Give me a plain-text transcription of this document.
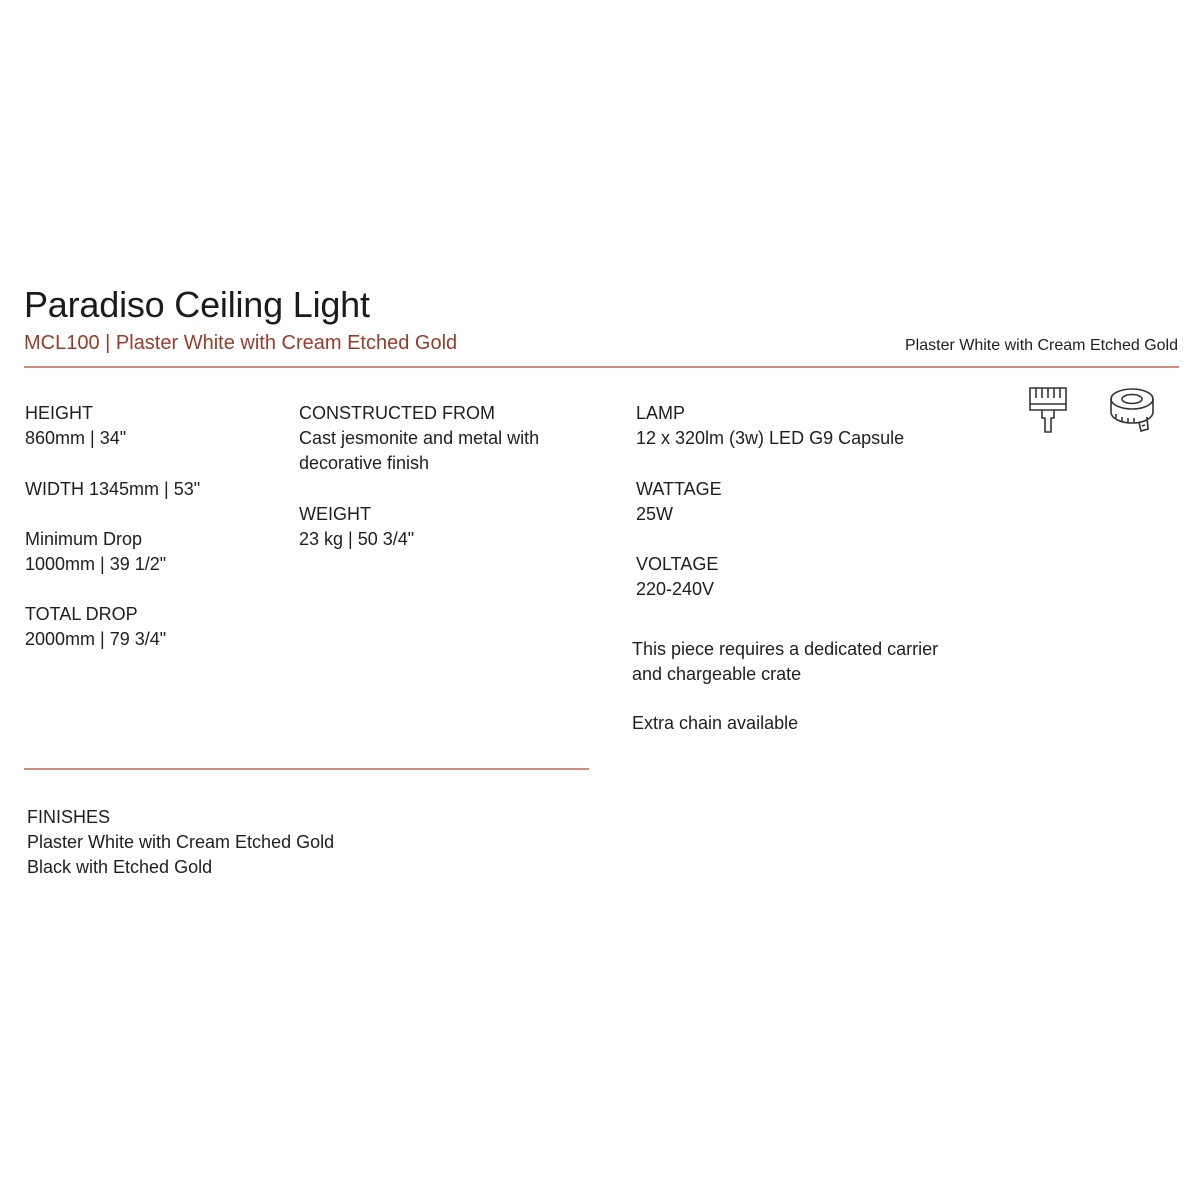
Paradiso Ceiling Light
MCL100 | Plaster White with Cream Etched Gold	Plaster White with Cream Etched Gold
HEIGHT
860mm | 34"
WIDTH 1345mm | 53"
Minimum Drop
1000mm | 39 1/2"
TOTAL DROP
2000mm | 79 3/4"
CONSTRUCTED FROM
Cast jesmonite and metal with
decorative finish
WEIGHT
23 kg | 50 3/4"
LAMP
12 x 320lm (3w) LED G9 Capsule
WATTAGE
25W
VOLTAGE
220-240V
This piece requires a dedicated carrier
and chargeable crate
Extra chain available
FINISHES
Plaster White with Cream Etched Gold
Black with Etched Gold
